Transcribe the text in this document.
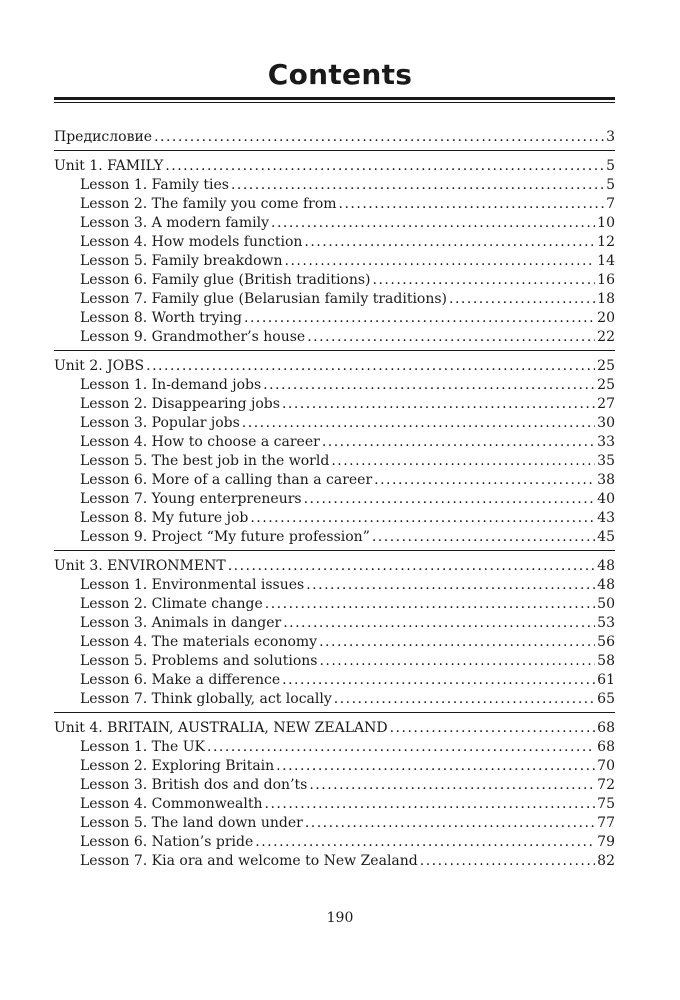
Contents
Предисловие .....	3
Unit 1. FAMILY .....	5
Lesson 1. Family ties .....	5
Lesson 2. The family you come from .....	7
Lesson 3. A modern family .....	10
Lesson 4. How models function .....	12
Lesson 5. Family breakdown .....	14
Lesson 6. Family glue (British traditions) .....	16
Lesson 7. Family glue (Belarusian family traditions) .....	18
Lesson 8. Worth trying .....	20
Lesson 9. Grandmother’s house .....	22
Unit 2. JOBS .....	25
Lesson 1. In-demand jobs .....	25
Lesson 2. Disappearing jobs .....	27
Lesson 3. Popular jobs .....	30
Lesson 4. How to choose a career .....	33
Lesson 5. The best job in the world .....	35
Lesson 6. More of a calling than a career .....	38
Lesson 7. Young enterpreneurs .....	40
Lesson 8. My future job .....	43
Lesson 9. Project “My future profession” .....	45
Unit 3. ENVIRONMENT .....	48
Lesson 1. Environmental issues .....	48
Lesson 2. Climate change .....	50
Lesson 3. Animals in danger .....	53
Lesson 4. The materials economy .....	56
Lesson 5. Problems and solutions .....	58
Lesson 6. Make a difference .....	61
Lesson 7. Think globally, act locally .....	65
Unit 4. BRITAIN, AUSTRALIA, NEW ZEALAND .....	68
Lesson 1. The UK .....	68
Lesson 2. Exploring Britain .....	70
Lesson 3. British dos and don’ts .....	72
Lesson 4. Commonwealth .....	75
Lesson 5. The land down under .....	77
Lesson 6. Nation’s pride .....	79
Lesson 7. Kia ora and welcome to New Zealand .....	82
190
